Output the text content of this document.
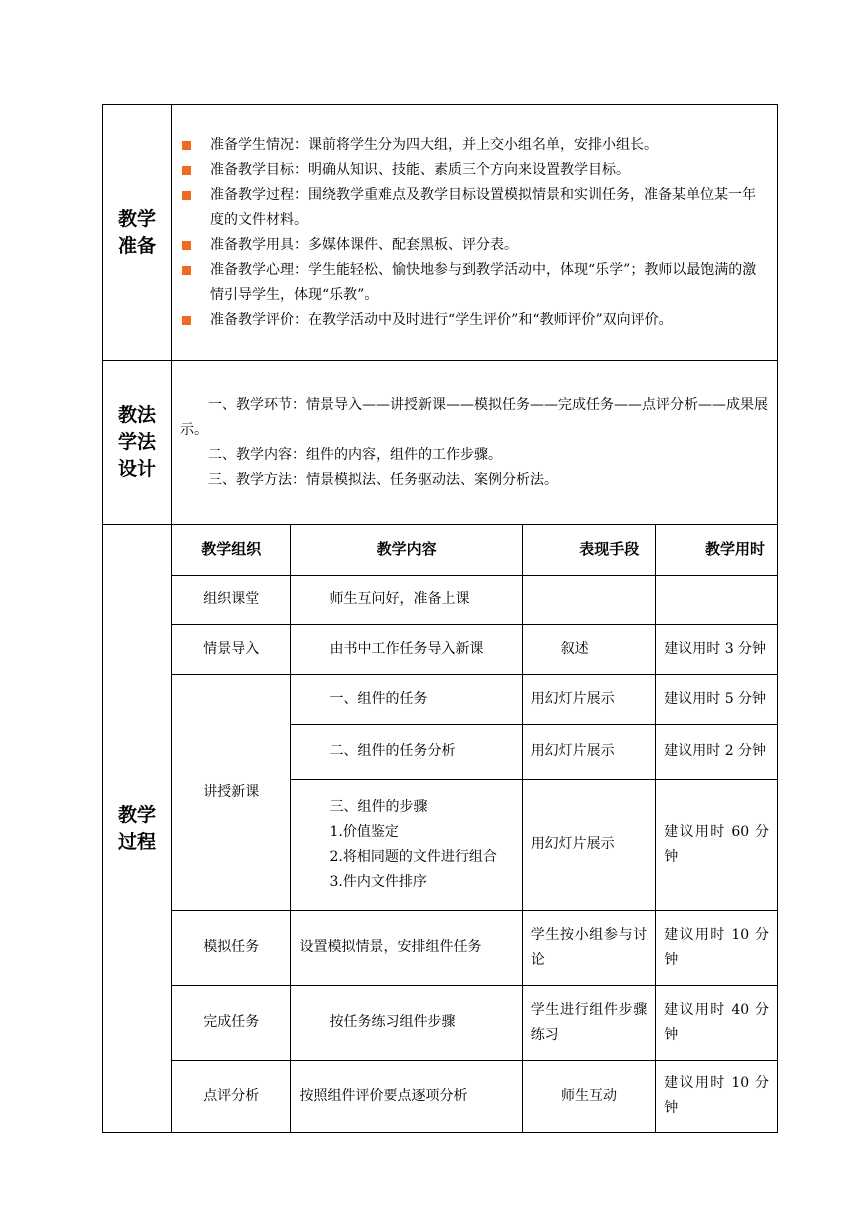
教学
准备

准备学生情况：课前将学生分为四大组，并上交小组名单，安排小组长。
准备教学目标：明确从知识、技能、素质三个方向来设置教学目标。
准备教学过程：围绕教学重难点及教学目标设置模拟情景和实训任务，准备某单位某一年度的文件材料。
准备教学用具：多媒体课件、配套黑板、评分表。
准备教学心理：学生能轻松、愉快地参与到教学活动中，体现“乐学”；教师以最饱满的激情引导学生，体现“乐教”。
准备教学评价：在教学活动中及时进行“学生评价”和“教师评价”双向评价。

教法
学法
设计

一、教学环节：情景导入——讲授新课——模拟任务——完成任务——点评分析——成果展示。

二、教学内容：组件的内容，组件的工作步骤。

三、教学方法：情景模拟法、任务驱动法、案例分析法。

教学
过程

教学组织	教学内容	表现手段	教学用时
组织课堂	师生互问好，准备上课		
情景导入	由书中工作任务导入新课	叙述	建议用时 3 分钟
讲授新课	一、组件的任务	用幻灯片展示	建议用时 5 分钟
二、组件的任务分析	用幻灯片展示	建议用时 2 分钟

三、组件的步骤
1.价值鉴定
2.将相同题的文件进行组合
3.件内文件排序
	用幻灯片展示	建议用时 60 分钟
模拟任务	设置模拟情景，安排组件任务	学生按小组参与讨论	建议用时 10 分钟
完成任务	按任务练习组件步骤	学生进行组件步骤练习	建议用时 40 分钟
点评分析	按照组件评价要点逐项分析	师生互动	建议用时 10 分钟
